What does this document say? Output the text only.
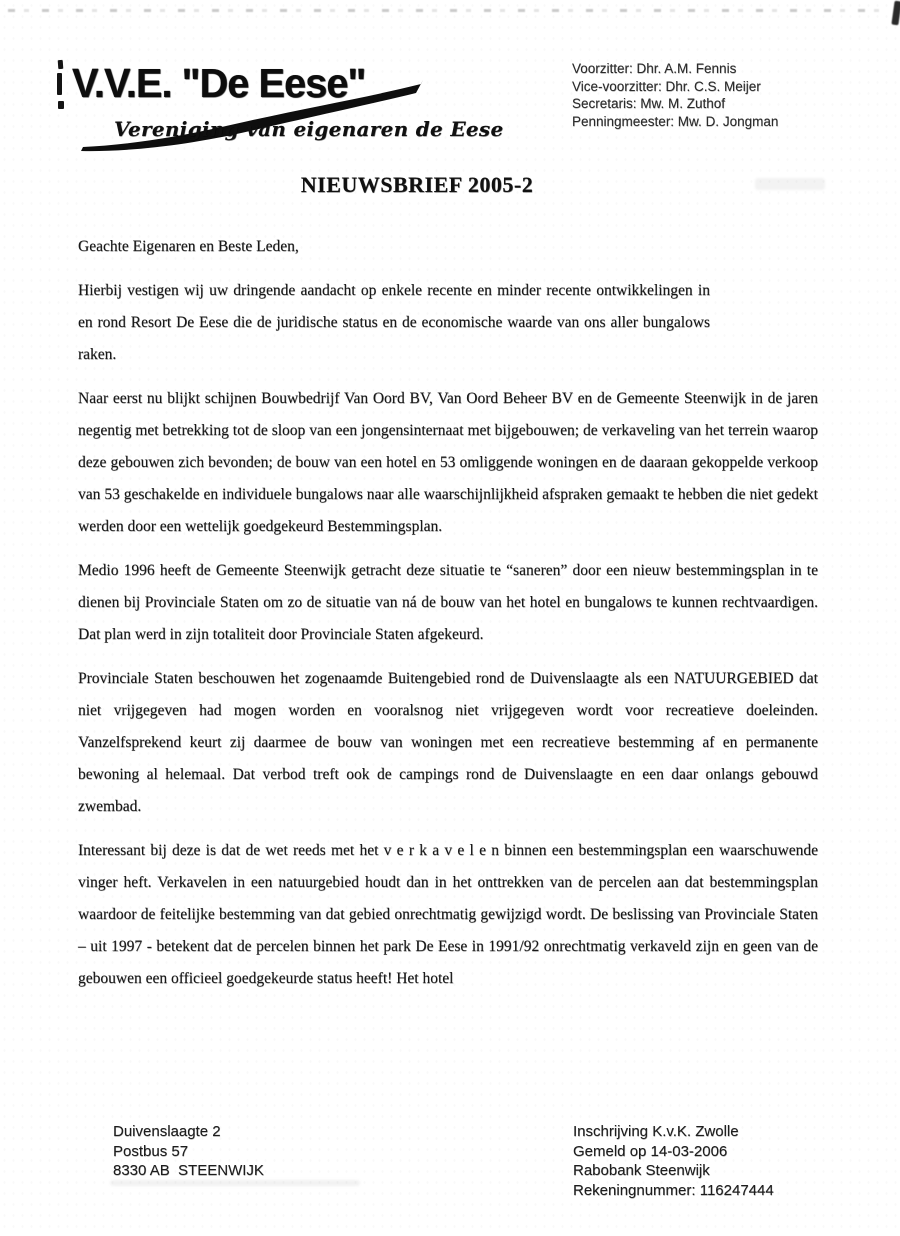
V.V.E. "De Eese"
Vereniging van eigenaren de Eese
Voorzitter: Dhr. A.M. Fennis
Vice-voorzitter: Dhr. C.S. Meijer
Secretaris: Mw. M. Zuthof
Penningmeester: Mw. D. Jongman
NIEUWSBRIEF 2005-2

Geachte Eigenaren en Beste Leden,

Hierbij vestigen wij uw dringende aandacht op enkele recente en minder recente ontwikkelingen in en rond Resort De Eese die de juridische status en de economische waarde van ons aller bungalows raken.

Naar eerst nu blijkt schijnen Bouwbedrijf Van Oord BV, Van Oord Beheer BV en de Gemeente Steenwijk in de jaren negentig met betrekking tot de sloop van een jongensinternaat met bijgebouwen; de verkaveling van het terrein waarop deze gebouwen zich bevonden; de bouw van een hotel en 53 omliggende woningen en de daaraan gekoppelde verkoop van 53 geschakelde en individuele bungalows naar alle waarschijnlijkheid afspraken gemaakt te hebben die niet gedekt werden door een wettelijk goedgekeurd Bestemmingsplan.

Medio 1996 heeft de Gemeente Steenwijk getracht deze situatie te “saneren” door een nieuw bestemmingsplan in te dienen bij Provinciale Staten om zo de situatie van ná de bouw van het hotel en bungalows te kunnen rechtvaardigen. Dat plan werd in zijn totaliteit door Provinciale Staten afgekeurd.

Provinciale Staten beschouwen het zogenaamde Buitengebied rond de Duivenslaagte als een NATUURGEBIED dat niet vrijgegeven had mogen worden en vooralsnog niet vrijgegeven wordt voor recreatieve doeleinden. Vanzelfsprekend keurt zij daarmee de bouw van woningen met een recreatieve bestemming af en permanente bewoning al helemaal. Dat verbod treft ook de campings rond de Duivenslaagte en een daar onlangs gebouwd zwembad.

Interessant bij deze is dat de wet reeds met het v e r k a v e l e n binnen een bestemmingsplan een waarschuwende vinger heft. Verkavelen in een natuurgebied houdt dan in het onttrekken van de percelen aan dat bestemmingsplan waardoor de feitelijke bestemming van dat gebied onrechtmatig gewijzigd wordt. De beslissing van Provinciale Staten – uit 1997 - betekent dat de percelen binnen het park De Eese in 1991/92 onrechtmatig verkaveld zijn en geen van de gebouwen een officieel goedgekeurde status heeft! Het hotel

Duivenslaagte 2
Postbus 57
8330 AB  STEENWIJK
Inschrijving K.v.K. Zwolle
Gemeld op 14-03-2006
Rabobank Steenwijk
Rekeningnummer: 116247444
